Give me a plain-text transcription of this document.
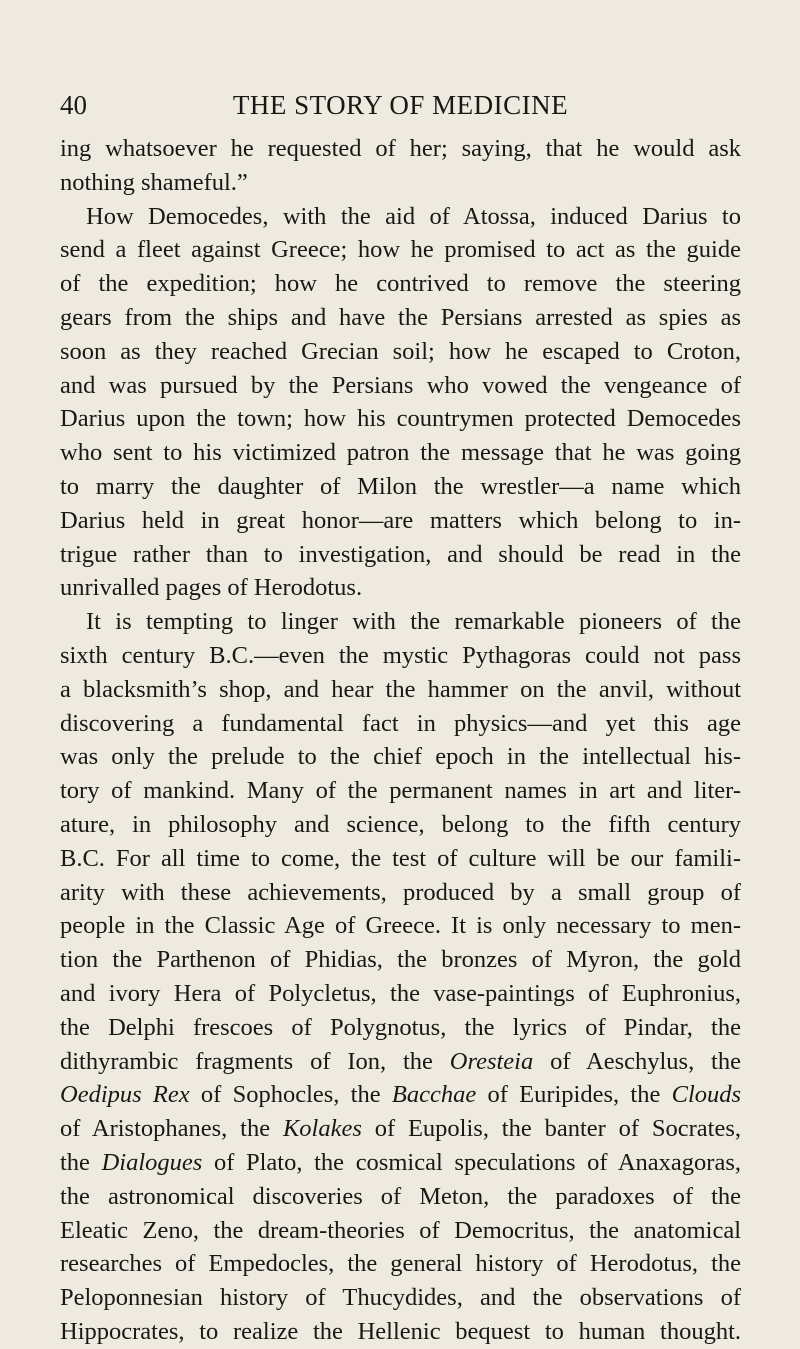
40	THE STORY OF MEDICINE
ing whatsoever he requested of her; saying, that he would ask
nothing shameful.”
How Democedes, with the aid of Atossa, induced Darius to
send a fleet against Greece; how he promised to act as the guide
of the expedition; how he contrived to remove the steering
gears from the ships and have the Persians arrested as spies as
soon as they reached Grecian soil; how he escaped to Croton,
and was pursued by the Persians who vowed the vengeance of
Darius upon the town; how his countrymen protected Democedes
who sent to his victimized patron the message that he was going
to marry the daughter of Milon the wrestler—a name which
Darius held in great honor—are matters which belong to in-
trigue rather than to investigation, and should be read in the
unrivalled pages of Herodotus.
It is tempting to linger with the remarkable pioneers of the
sixth century B.C.—even the mystic Pythagoras could not pass
a blacksmith’s shop, and hear the hammer on the anvil, without
discovering a fundamental fact in physics—and yet this age
was only the prelude to the chief epoch in the intellectual his-
tory of mankind. Many of the permanent names in art and liter-
ature, in philosophy and science, belong to the fifth century
B.C. For all time to come, the test of culture will be our famili-
arity with these achievements, produced by a small group of
people in the Classic Age of Greece. It is only necessary to men-
tion the Parthenon of Phidias, the bronzes of Myron, the gold
and ivory Hera of Polycletus, the vase-paintings of Euphronius,
the Delphi frescoes of Polygnotus, the lyrics of Pindar, the
dithyrambic fragments of Ion, the Oresteia of Aeschylus, the
Oedipus Rex of Sophocles, the Bacchae of Euripides, the Clouds
of Aristophanes, the Kolakes of Eupolis, the banter of Socrates,
the Dialogues of Plato, the cosmical speculations of Anaxagoras,
the astronomical discoveries of Meton, the paradoxes of the
Eleatic Zeno, the dream-theories of Democritus, the anatomical
researches of Empedocles, the general history of Herodotus, the
Peloponnesian history of Thucydides, and the observations of
Hippocrates, to realize the Hellenic bequest to human thought.
